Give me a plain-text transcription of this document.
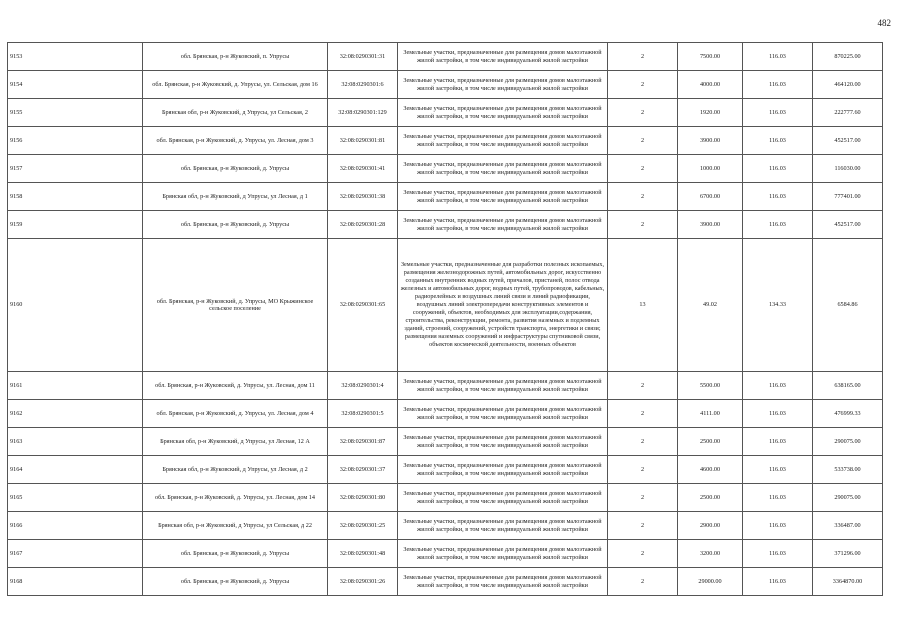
482
9153	обл. Брянская, р-н Жуковский, п. Упрусы	32:08:0290301:31	Земельные участки, предназначенные для размещения домов малоэтажной жилой застройки, в том числе индивидуальной жилой застройки	2	7500.00	116.03	870225.00
9154	обл. Брянская, р-н Жуковский, д. Упрусы, ул. Сельская, дом 16	32:08:0290301:6	Земельные участки, предназначенные для размещения домов малоэтажной жилой застройки, в том числе индивидуальной жилой застройки	2	4000.00	116.03	464120.00
9155	Брянская обл, р-н Жуковский, д Упрусы, ул Сельская, 2	32:08:0290301:129	Земельные участки, предназначенные для размещения домов малоэтажной жилой застройки, в том числе индивидуальной жилой застройки	2	1920.00	116.03	222777.60
9156	обл. Брянская, р-н Жуковский, д. Упрусы, ул. Лесная, дом 3	32:08:0290301:81	Земельные участки, предназначенные для размещения домов малоэтажной жилой застройки, в том числе индивидуальной жилой застройки	2	3900.00	116.03	452517.00
9157	обл. Брянская, р-н Жуковский, д. Упрусы	32:08:0290301:41	Земельные участки, предназначенные для размещения домов малоэтажной жилой застройки, в том числе индивидуальной жилой застройки	2	1000.00	116.03	116030.00
9158	Брянская обл, р-н Жуковский, д Упрусы, ул Лесная, д 1	32:08:0290301:38	Земельные участки, предназначенные для размещения домов малоэтажной жилой застройки, в том числе индивидуальной жилой застройки	2	6700.00	116.03	777401.00
9159	обл. Брянская, р-н Жуковский, д. Упрусы	32:08:0290301:28	Земельные участки, предназначенные для размещения домов малоэтажной жилой застройки, в том числе индивидуальной жилой застройки	2	3900.00	116.03	452517.00
9160	обл. Брянская, р-н Жуковский, д. Упрусы, МО Крыжинское сельское поселение	32:08:0290301:65	Земельные участки, предназначенные для разработки полезных ископаемых, размещения железнодорожных путей, автомобильных дорог, искусственно созданных внутренних водных путей, причалов, пристаней, полос отвода железных и автомобильных дорог, водных путей, трубопроводов, кабельных, радиорелейных и воздушных линий связи и линий радиофикации, воздушных линий электропередачи конструктивных элементов и сооружений, объектов, необходимых для эксплуатации,содержания, строительства, реконструкции, ремонта, развития наземных и подземных зданий, строений, сооружений, устройств транспорта, энергетики и связи; размещения наземных сооружений и инфраструктуры спутниковой связи, объектов космической деятельности, военных объектов	13	49.02	134.33	6584.86
9161	обл. Брянская, р-н Жуковский, д. Упрусы, ул. Лесная, дом 11	32:08:0290301:4	Земельные участки, предназначенные для размещения домов малоэтажной жилой застройки, в том числе индивидуальной жилой застройки	2	5500.00	116.03	638165.00
9162	обл. Брянская, р-н Жуковский, д. Упрусы, ул. Лесная, дом 4	32:08:0290301:5	Земельные участки, предназначенные для размещения домов малоэтажной жилой застройки, в том числе индивидуальной жилой застройки	2	4111.00	116.03	476999.33
9163	Брянская обл, р-н Жуковский, д Упрусы, ул Лесная, 12 А	32:08:0290301:87	Земельные участки, предназначенные для размещения домов малоэтажной жилой застройки, в том числе индивидуальной жилой застройки	2	2500.00	116.03	290075.00
9164	Брянская обл, р-н Жуковский, д Упрусы, ул Лесная, д 2	32:08:0290301:37	Земельные участки, предназначенные для размещения домов малоэтажной жилой застройки, в том числе индивидуальной жилой застройки	2	4600.00	116.03	533738.00
9165	обл. Брянская, р-н Жуковский, д. Упрусы, ул. Лесная, дом 14	32:08:0290301:80	Земельные участки, предназначенные для размещения домов малоэтажной жилой застройки, в том числе индивидуальной жилой застройки	2	2500.00	116.03	290075.00
9166	Брянская обл, р-н Жуковский, д Упрусы, ул Сельская, д 22	32:08:0290301:25	Земельные участки, предназначенные для размещения домов малоэтажной жилой застройки, в том числе индивидуальной жилой застройки	2	2900.00	116.03	336487.00
9167	обл. Брянская, р-н Жуковский, д. Упрусы	32:08:0290301:48	Земельные участки, предназначенные для размещения домов малоэтажной жилой застройки, в том числе индивидуальной жилой застройки	2	3200.00	116.03	371296.00
9168	обл. Брянская, р-н Жуковский, д. Упрусы	32:08:0290301:26	Земельные участки, предназначенные для размещения домов малоэтажной жилой застройки, в том числе индивидуальной жилой застройки	2	29000.00	116.03	3364870.00
